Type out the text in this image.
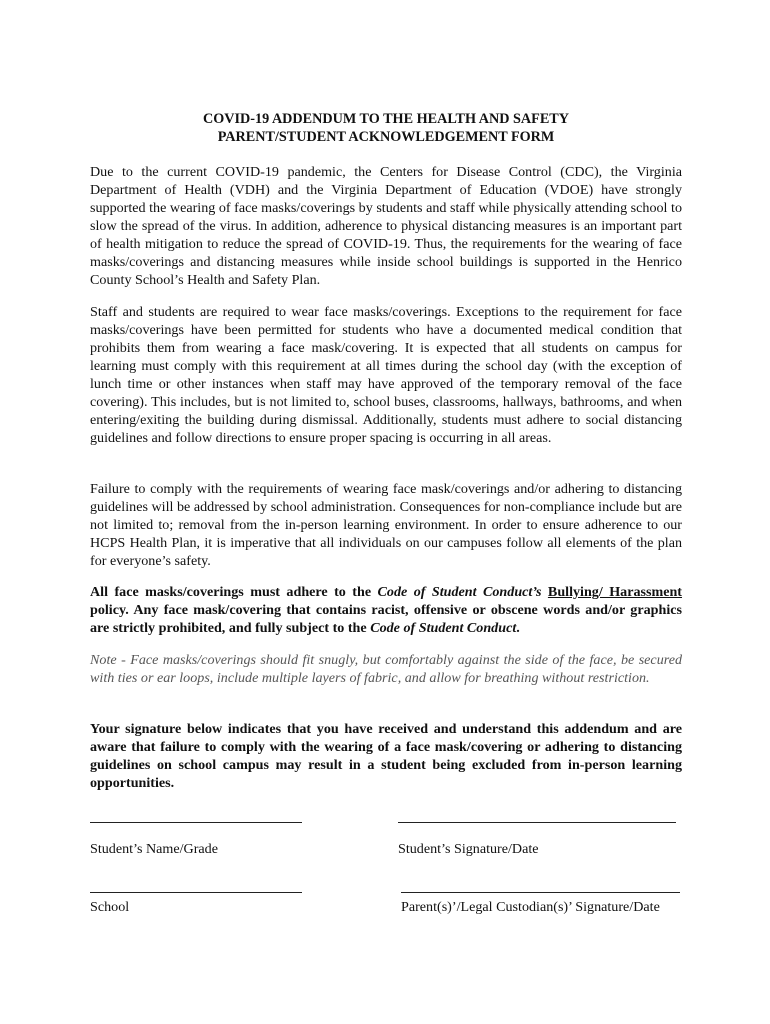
COVID-19 ADDENDUM TO THE HEALTH AND SAFETY
PARENT/STUDENT ACKNOWLEDGEMENT FORM

Due to the current COVID-19 pandemic, the Centers for Disease Control (CDC), the Virginia Department of Health (VDH) and the Virginia Department of Education (VDOE) have strongly supported the wearing of face masks/coverings by students and staff while physically attending school to slow the spread of the virus. In addition, adherence to physical distancing measures is an important part of health mitigation to reduce the spread of COVID-19. Thus, the requirements for the wearing of face masks/coverings and distancing measures while inside school buildings is supported in the Henrico County School’s Health and Safety Plan.

Staff and students are required to wear face masks/coverings. Exceptions to the requirement for face masks/coverings have been permitted for students who have a documented medical condition that prohibits them from wearing a face mask/covering. It is expected that all students on campus for learning must comply with this requirement at all times during the school day (with the exception of lunch time or other instances when staff may have approved of the temporary removal of the face covering). This includes, but is not limited to, school buses, classrooms, hallways, bathrooms, and when entering/exiting the building during dismissal. Additionally, students must adhere to social distancing guidelines and follow directions to ensure proper spacing is occurring in all areas.

Failure to comply with the requirements of wearing face mask/coverings and/or adhering to distancing guidelines will be addressed by school administration. Consequences for non-compliance include but are not limited to; removal from the in-person learning environment. In order to ensure adherence to our HCPS Health Plan, it is imperative that all individuals on our campuses follow all elements of the plan for everyone’s safety.

All face masks/coverings must adhere to the Code of Student Conduct’s Bullying/ Harassment policy. Any face mask/covering that contains racist, offensive or obscene words and/or graphics are strictly prohibited, and fully subject to the Code of Student Conduct.

Note - Face masks/coverings should fit snugly, but comfortably against the side of the face, be secured with ties or ear loops, include multiple layers of fabric, and allow for breathing without restriction.

Your signature below indicates that you have received and understand this addendum and are aware that failure to comply with the wearing of a face mask/covering or adhering to distancing guidelines on school campus may result in a student being excluded from in-person learning opportunities.

Student’s Name/Grade	Student’s Signature/Date
School	Parent(s)’/Legal Custodian(s)’ Signature/Date
